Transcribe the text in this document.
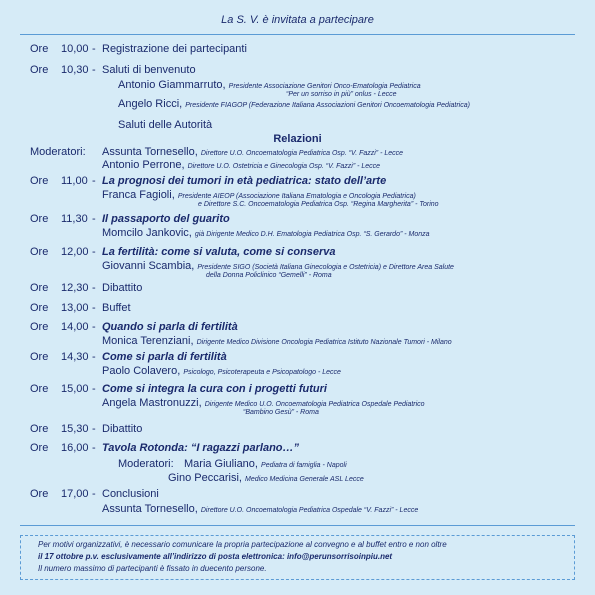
La S. V. è invitata a partecipare
Ore 10,00 - Registrazione dei partecipanti
Ore 10,30 - Saluti di benvenuto
Antonio Giammarruto, Presidente Associazione Genitori Onco-Ematologia Pediatrica
“Per un sorriso in più” onlus - Lecce
Angelo Ricci, Presidente FIAGOP (Federazione Italiana Associazioni Genitori Oncoematologia Pediatrica)
Saluti delle Autorità
Relazioni
Moderatori: Assunta Tornesello, Direttore U.O. Oncoematologia Pediatrica Osp. “V. Fazzi” - Lecce
Antonio Perrone, Direttore U.O. Ostetricia e Ginecologia Osp. “V. Fazzi” - Lecce
Ore 11,00 - La prognosi dei tumori in età pediatrica: stato dell’arte
Franca Fagioli, Presidente AIEOP (Associazione Italiana Ematologia e Oncologia Pediatrica)
e Direttore S.C. Oncoematologia Pediatrica Osp. “Regina Margherita” - Torino
Ore 11,30 - Il passaporto del guarito
Momcilo Jankovic, già Dirigente Medico D.H. Ematologia Pediatrica Osp. “S. Gerardo” - Monza
Ore 12,00 - La fertilità: come si valuta, come si conserva
Giovanni Scambia, Presidente SIGO (Società Italiana Ginecologia e Ostetricia) e Direttore Area Salute
della Donna Policlinico “Gemelli” - Roma
Ore 12,30 - Dibattito
Ore 13,00 - Buffet
Ore 14,00 - Quando si parla di fertilità
Monica Terenziani, Dirigente Medico Divisione Oncologia Pediatrica Istituto Nazionale Tumori - Milano
Ore 14,30 - Come si parla di fertilità
Paolo Colavero, Psicologo, Psicoterapeuta e Psicopatologo - Lecce
Ore 15,00 - Come si integra la cura con i progetti futuri
Angela Mastronuzzi, Dirigente Medico U.O. Oncoematologia Pediatrica Ospedale Pediatrico
“Bambino Gesù” - Roma
Ore 15,30 - Dibattito
Ore 16,00 - Tavola Rotonda: “I ragazzi parlano…”
Moderatori: Maria Giuliano, Pediatra di famiglia - Napoli
Gino Peccarisi, Medico Medicina Generale ASL Lecce
Ore 17,00 - Conclusioni
Assunta Tornesello, Direttore U.O. Oncoematologia Pediatrica Ospedale “V. Fazzi” - Lecce
Per motivi organizzativi, è necessario comunicare la propria partecipazione al convegno e al buffet entro e non oltre
il 17 ottobre p.v. esclusivamente all’indirizzo di posta elettronica: info@perunsorrisoinpiu.net
Il numero massimo di partecipanti è fissato in duecento persone.
